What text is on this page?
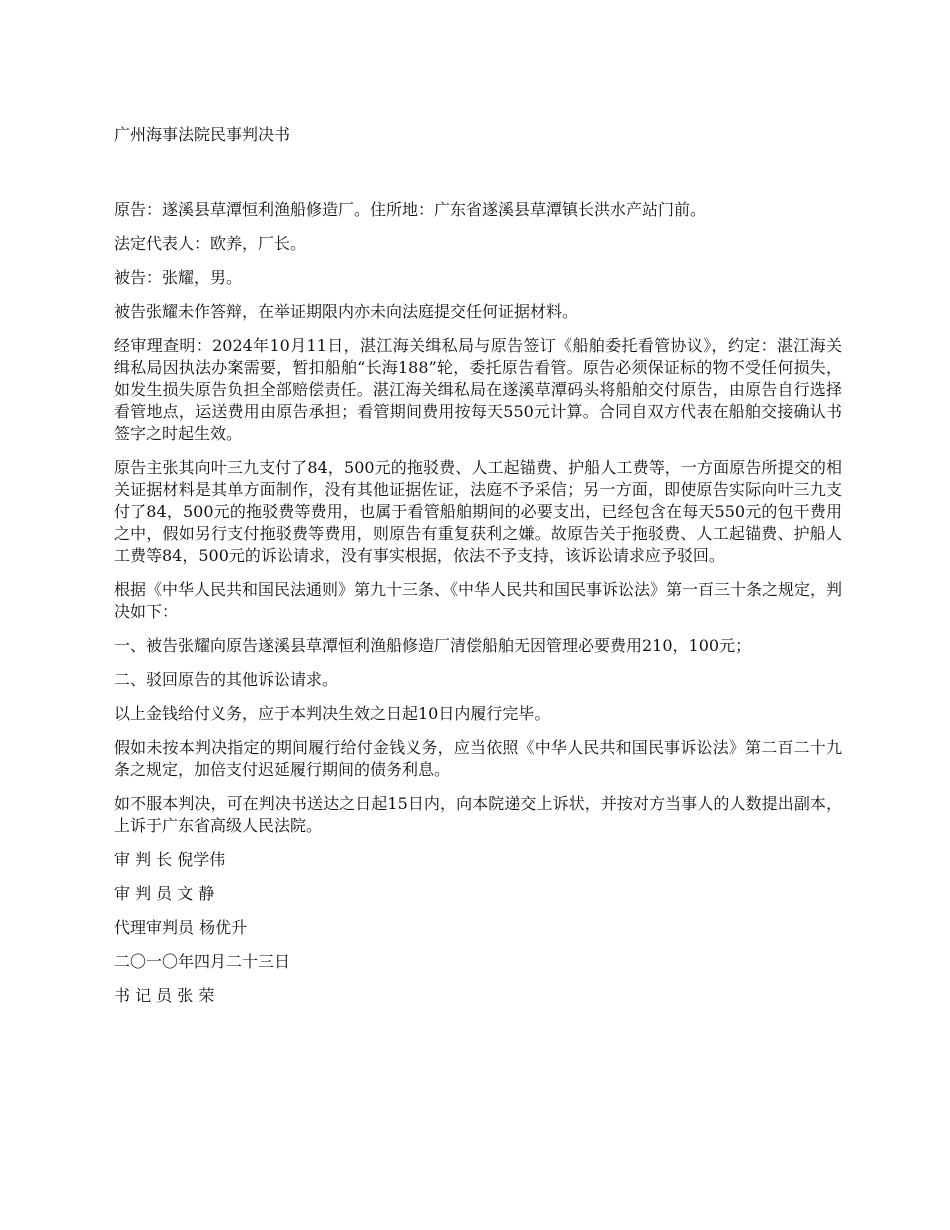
广州海事法院民事判决书

原告：遂溪县草潭恒利渔船修造厂。住所地：广东省遂溪县草潭镇长洪水产站门前。

法定代表人：欧养，厂长。

被告：张耀，男。

被告张耀未作答辩，在举证期限内亦未向法庭提交任何证据材料。

经审理查明：2024年10月11日，湛江海关缉私局与原告签订《船舶委托看管协议》，约定：湛江海关缉私局因执法办案需要，暂扣船舶“长海188”轮，委托原告看管。原告必须保证标的物不受任何损失，如发生损失原告负担全部赔偿责任。湛江海关缉私局在遂溪草潭码头将船舶交付原告，由原告自行选择看管地点，运送费用由原告承担；看管期间费用按每天550元计算。合同自双方代表在船舶交接确认书签字之时起生效。

原告主张其向叶三九支付了84，500元的拖驳费、人工起锚费、护船人工费等，一方面原告所提交的相关证据材料是其单方面制作，没有其他证据佐证，法庭不予采信；另一方面，即使原告实际向叶三九支付了84，500元的拖驳费等费用，也属于看管船舶期间的必要支出，已经包含在每天550元的包干费用之中，假如另行支付拖驳费等费用，则原告有重复获利之嫌。故原告关于拖驳费、人工起锚费、护船人工费等84，500元的诉讼请求，没有事实根据，依法不予支持，该诉讼请求应予驳回。

根据《中华人民共和国民法通则》第九十三条、《中华人民共和国民事诉讼法》第一百三十条之规定，判决如下：

一、被告张耀向原告遂溪县草潭恒利渔船修造厂清偿船舶无因管理必要费用210，100元；

二、驳回原告的其他诉讼请求。

以上金钱给付义务，应于本判决生效之日起10日内履行完毕。

假如未按本判决指定的期间履行给付金钱义务，应当依照《中华人民共和国民事诉讼法》第二百二十九条之规定，加倍支付迟延履行期间的债务利息。

如不服本判决，可在判决书送达之日起15日内，向本院递交上诉状，并按对方当事人的人数提出副本，上诉于广东省高级人民法院。

审 判 长 倪学伟

审 判 员 文 静

代理审判员 杨优升

二〇一〇年四月二十三日

书 记 员 张 荣
